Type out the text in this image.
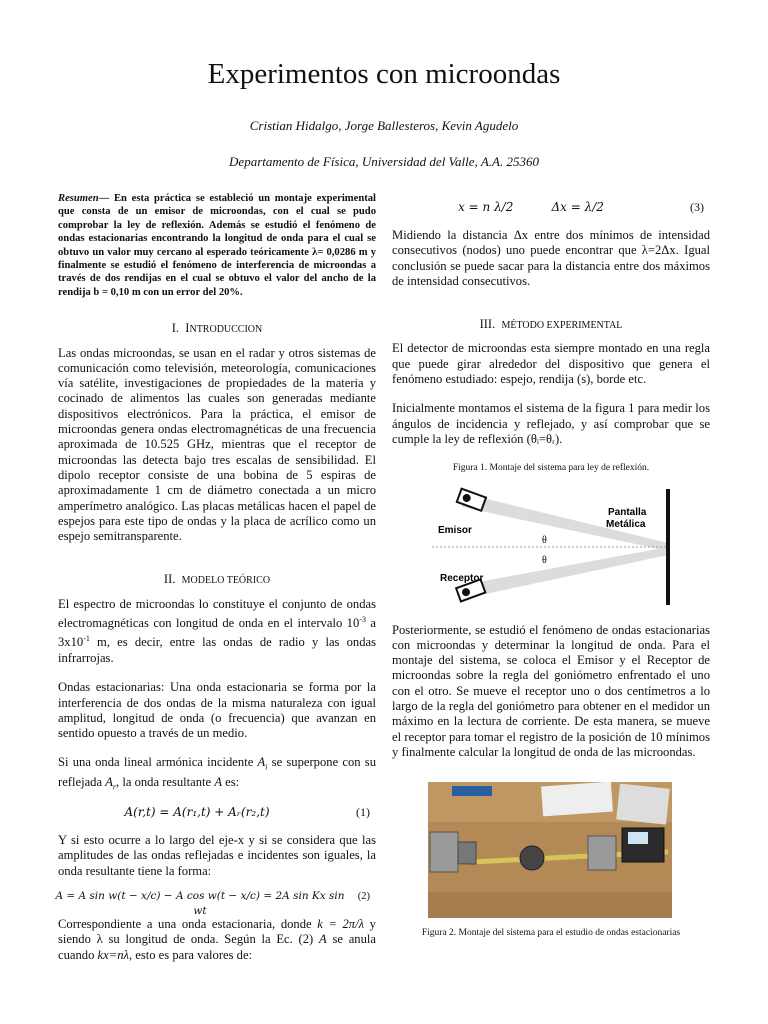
Experimentos con microondas
Cristian Hidalgo, Jorge Ballesteros, Kevin Agudelo
Departamento de Física, Universidad del Valle, A.A. 25360

Resumen— En esta práctica se estableció un montaje experimental que consta de un emisor de microondas, con el cual se pudo comprobar la ley de reflexión. Además se estudió el fenómeno de ondas estacionarias encontrando la longitud de onda para el cual se obtuvo un valor muy cercano al esperado teóricamente λ= 0,0286 m y finalmente se estudió el fenómeno de interferencia de microondas a través de dos rendijas en el cual se obtuvo el valor del ancho de la rendija b = 0,10 m con un error del 20%.

I. INTRODUCCION

Las ondas microondas, se usan en el radar y otros sistemas de comunicación como televisión, meteorología, comunicaciones vía satélite, investigaciones de propiedades de la materia y cocinado de alimentos las cuales son generadas mediante dispositivos electrónicos. Para la práctica, el emisor de microondas genera ondas electromagnéticas de una frecuencia aproximada de 10.525 GHz, mientras que el receptor de microondas las detecta bajo tres escalas de sensibilidad. El dipolo receptor consiste de una bobina de 5 espiras de aproximadamente 1 cm de diámetro conectada a un micro amperímetro analógico. Las placas metálicas hacen el papel de espejos para este tipo de ondas y la placa de acrílico como un espejo semitransparente.

II. MODELO TEÓRICO

El espectro de microondas lo constituye el conjunto de ondas electromagnéticas con longitud de onda en el intervalo $10^{-3}$ a $3x10^{-1}$ m, es decir, entre las ondas de radio y las ondas infrarrojas.

Ondas estacionarias: Una onda estacionaria se forma por la interferencia de dos ondas de la misma naturaleza con igual amplitud, longitud de onda (o frecuencia) que avanzan en sentido opuesto a través de un medio.

Si una onda lineal armónica incidente $A_i$ se superpone con su reflejada $A_r$, la onda resultante A es:

A(r,t) = A(r₁,t) + Aᵣ(r₂,t)	(1)

Y si esto ocurre a lo largo del eje-x y si se considera que las amplitudes de las ondas reflejadas e incidentes son iguales, la onda resultante tiene la forma:

A = A sin w(t − x/c) − A cos w(t − x/c) = 2A sin Kx sin wt
(2)

Correspondiente a una onda estacionaria, donde k = 2π/λ y siendo λ su longitud de onda. Según la Ec. (2) A se anula cuando kx=nλ, esto es para valores de:

x = n λ/2          Δx = λ/2	(3)

Midiendo la distancia Δx entre dos mínimos de intensidad consecutivos (nodos) uno puede encontrar que λ=2Δx. Igual conclusión se puede sacar para la distancia entre dos máximos de intensidad consecutivos.

III. MÉTODO EXPERIMENTAL

El detector de microondas esta siempre montado en una regla que puede girar alrededor del dispositivo que genera el fenómeno estudiado: espejo, rendija (s), borde etc.

Inicialmente montamos el sistema de la figura 1 para medir los ángulos de incidencia y reflejado, y así comprobar que se cumple la ley de reflexión (θᵢ=θᵣ).

Figura 1. Montaje del sistema para ley de reflexión.
Emisor
Receptor
Pantalla
Metálica
θ
θ

Posteriormente, se estudió el fenómeno de ondas estacionarias con microondas y determinar la longitud de onda. Para el montaje del sistema, se coloca el Emisor y el Receptor de microondas sobre la regla del goniómetro enfrentado el uno con el otro. Se mueve el receptor uno o dos centímetros a lo largo de la regla del goniómetro para obtener en el medidor un máximo en la lectura de corriente. De esta manera, se mueve el receptor para tomar el registro de la posición de 10 mínimos y finalmente calcular la longitud de onda de las microondas.

Figura 2. Montaje del sistema para el estudio de ondas estacionarias
